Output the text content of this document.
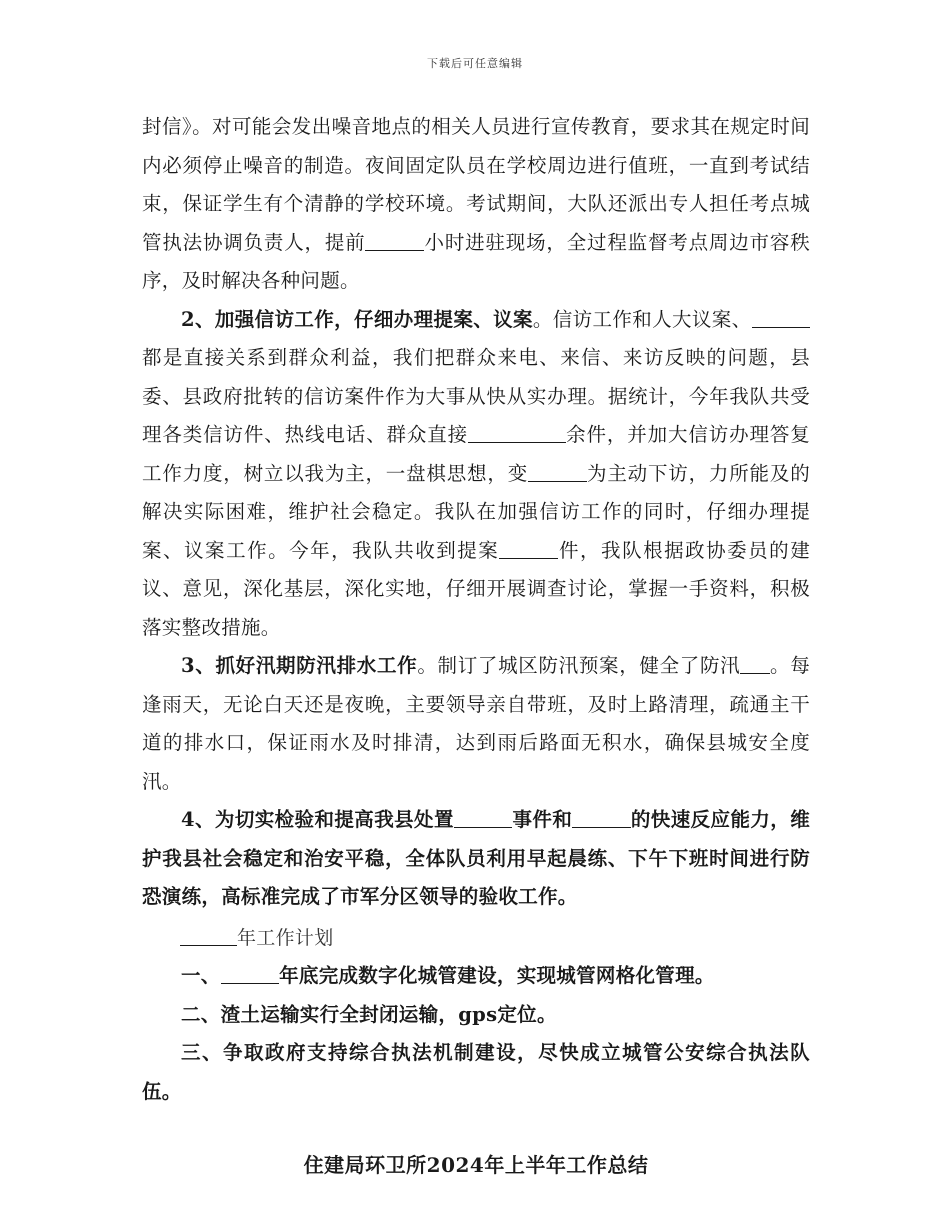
下载后可任意编辑

封信》。对可能会发出噪音地点的相关人员进行宣传教育，要求其在规定时间内必须停止噪音的制造。夜间固定队员在学校周边进行值班，一直到考试结束，保证学生有个清静的学校环境。考试期间，大队还派出专人担任考点城管执法协调负责人，提前	小时进驻现场，全过程监督考点周边市容秩序，及时解决各种问题。

2、加强信访工作，仔细办理提案、议案。信访工作和人大议案、都是直接关系到群众利益，我们把群众来电、来信、来访反映的问题，县委、县政府批转的信访案件作为大事从快从实办理。据统计，今年我队共受理各类信访件、热线电话、群众直接	余件，并加大信访办理答复工作力度，树立以我为主，一盘棋思想，变	为主动下访，力所能及的解决实际困难，维护社会稳定。我队在加强信访工作的同时，仔细办理提案、议案工作。今年，我队共收到提案	件，我队根据政协委员的建议、意见，深化基层，深化实地，仔细开展调查讨论，掌握一手资料，积极落实整改措施。

3、抓好汛期防汛排水工作。制订了城区防汛预案，健全了防汛 。每逢雨天，无论白天还是夜晚，主要领导亲自带班，及时上路清理，疏通主干道的排水口，保证雨水及时排清，达到雨后路面无积水，确保县城安全度汛。

4、为切实检验和提高我县处置	事件和	的快速反应能力，维护我县社会稳定和治安平稳，全体队员利用早起晨练、下午下班时间进行防恐演练，高标准完成了市军分区领导的验收工作。

年工作计划

一、	年底完成数字化城管建设，实现城管网格化管理。

二、渣土运输实行全封闭运输，gps定位。

三、争取政府支持综合执法机制建设，尽快成立城管公安综合执法队伍。

住建局环卫所2024年上半年工作总结
